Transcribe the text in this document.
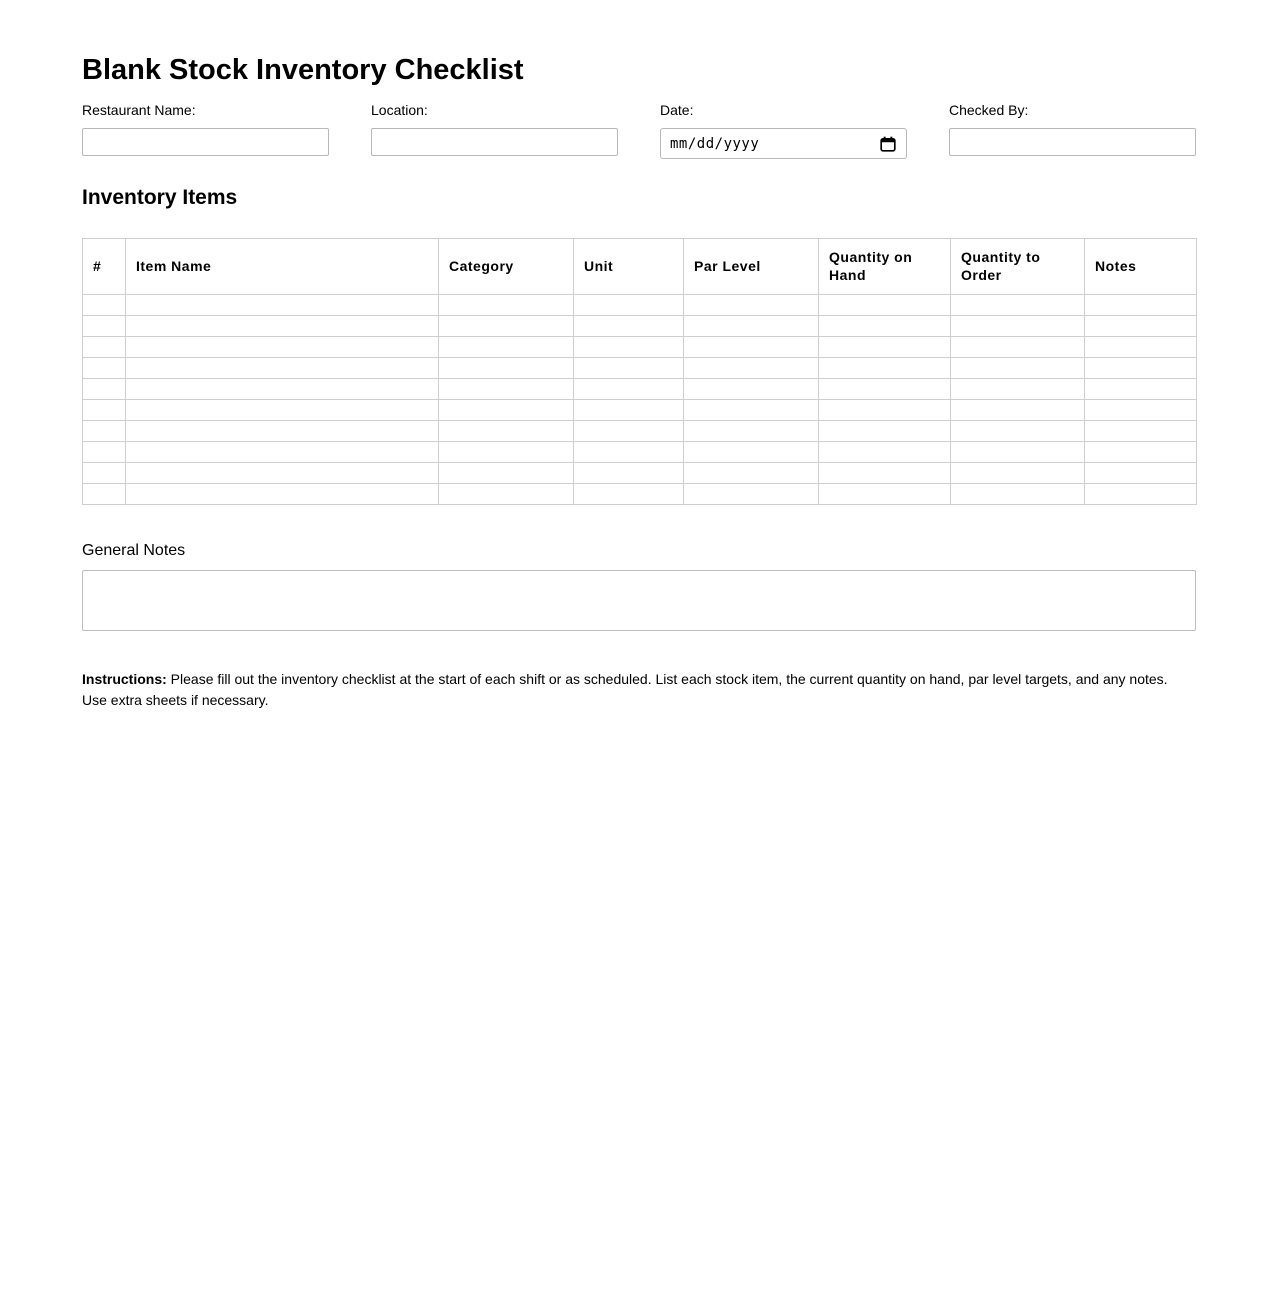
Blank Stock Inventory Checklist
Restaurant Name:	Location:	Date:
mm/dd/yyyy
Checked By:
Inventory Items
#	Item Name	Category	Unit	Par Level	Quantity on Hand	Quantity to Order	Notes

General Notes

Instructions: Please fill out the inventory checklist at the start of each shift or as scheduled. List each stock item, the current quantity on hand, par level targets, and any notes. Use extra sheets if necessary.
